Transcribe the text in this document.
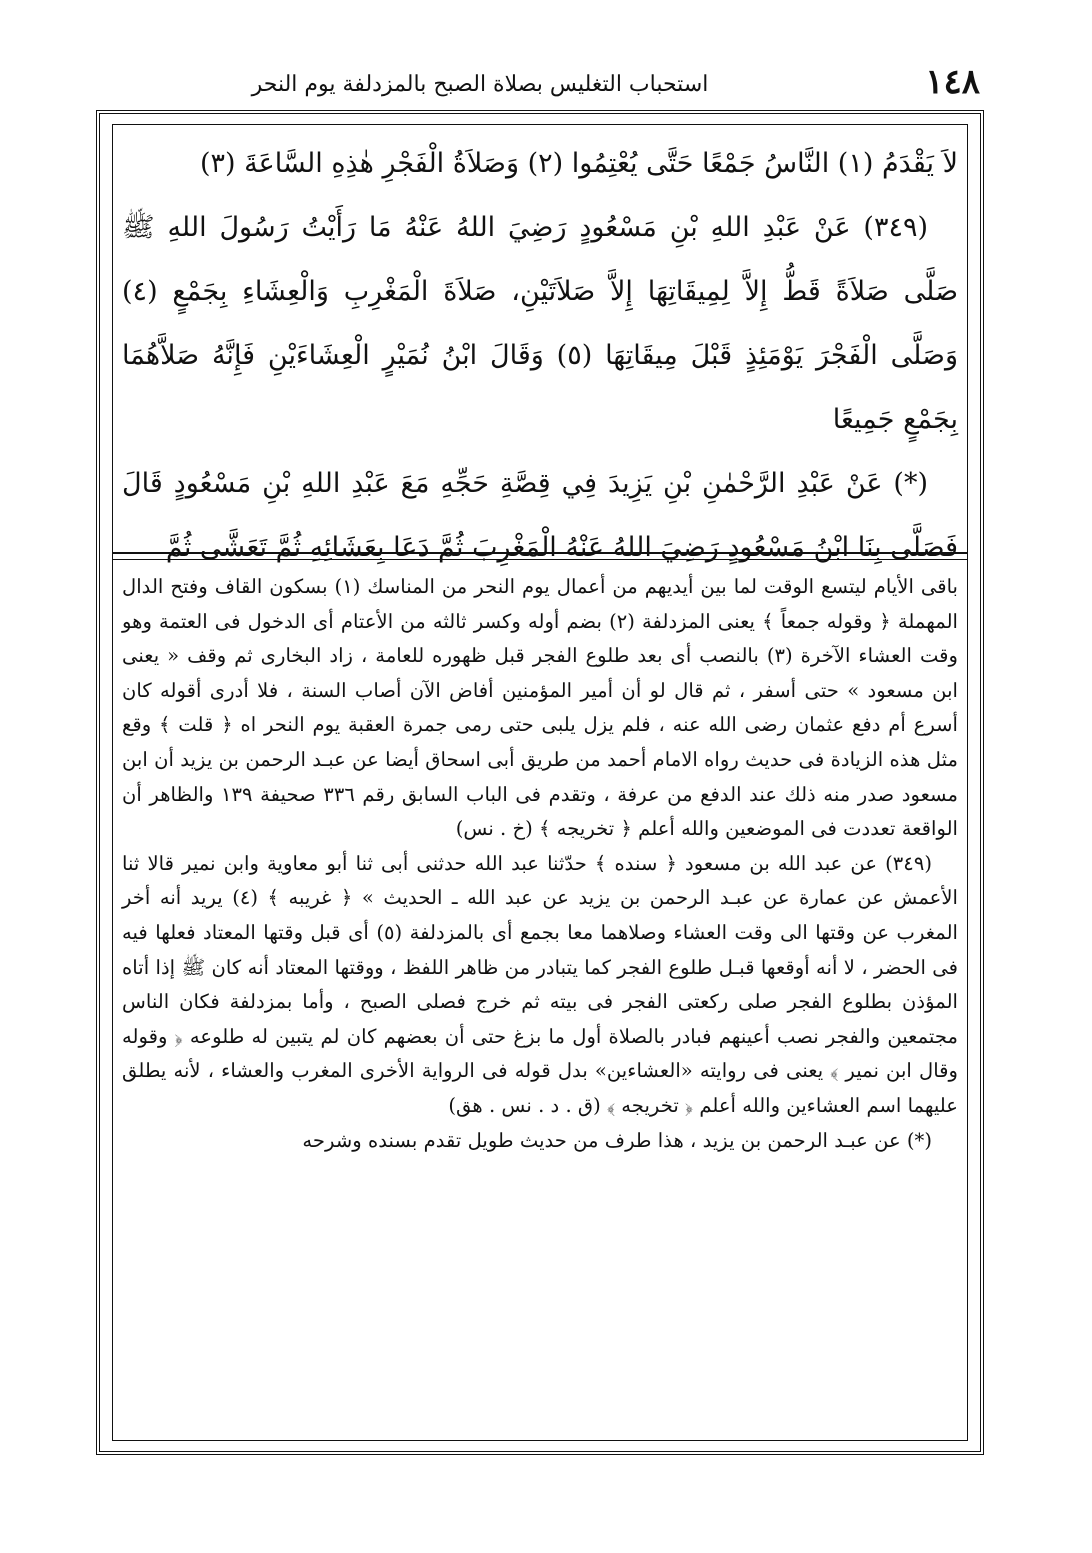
١٤٨
استحباب التغليس بصلاة الصبح بالمزدلفة يوم النحر

لاَ يَقْدَمُ (١) النَّاسُ جَمْعًا حَتَّى يُعْتِمُوا (٢) وَصَلاَةُ الْفَجْرِ هٰذِهِ السَّاعَةَ (٣)

(٣٤٩) عَنْ عَبْدِ اللهِ بْنِ مَسْعُودٍ رَضِيَ اللهُ عَنْهُ مَا رَأَيْتُ رَسُولَ اللهِ ﷺ صَلَّى صَلاَةً قَطُّ إِلاَّ لِمِيقَاتِهَا إِلاَّ صَلاَتَيْنِ، صَلاَةَ الْمَغْرِبِ وَالْعِشَاءِ بِجَمْعٍ (٤) وَصَلَّى الْفَجْرَ يَوْمَئِذٍ قَبْلَ مِيقَاتِهَا (٥) وَقَالَ ابْنُ نُمَيْرٍ الْعِشَاءَيْنِ فَإِنَّهُ صَلاَّهُمَا بِجَمْعٍ جَمِيعًا

(*) عَنْ عَبْدِ الرَّحْمٰنِ بْنِ يَزِيدَ فِي قِصَّةِ حَجِّهِ مَعَ عَبْدِ اللهِ بْنِ مَسْعُودٍ قَالَ فَصَلَّى بِنَا ابْنُ مَسْعُودٍ رَضِيَ اللهُ عَنْهُ الْمَغْرِبَ ثُمَّ دَعَا بِعَشَائِهِ ثُمَّ تَعَشَّى ثُمَّ

باقى الأيام ليتسع الوقت لما بين أيديهم من أعمال يوم النحر من المناسك (١) بسكون القاف وفتح الدال المهملة ﴿ وقوله جمعاً ﴾ يعنى المزدلفة (٢) بضم أوله وكسر ثالثه من الأعتام أى الدخول فى العتمة وهو وقت العشاء الآخرة (٣) بالنصب أى بعد طلوع الفجر قبل ظهوره للعامة ، زاد البخارى ثم وقف « يعنى ابن مسعود » حتى أسفر ، ثم قال لو أن أمير المؤمنين أفاض الآن أصاب السنة ، فلا أدرى أقوله كان أسرع أم دفع عثمان رضى الله عنه ، فلم يزل يلبى حتى رمى جمرة العقبة يوم النحر اه ﴿ قلت ﴾ وقع مثل هذه الزيادة فى حديث رواه الامام أحمد من طريق أبى اسحاق أيضا عن عبـد الرحمن بن يزيد أن ابن مسعود صدر منه ذلك عند الدفع من عرفة ، وتقدم فى الباب السابق رقم ٣٣٦ صحيفة ١٣٩ والظاهر أن الواقعة تعددت فى الموضعين والله أعلم ﴿ تخريجه ﴾ (خ . نس)

(٣٤٩) عن عبد الله بن مسعود ﴿ سنده ﴾ حدّثنا عبد الله حدثنى أبى ثنا أبو معاوية وابن نمير قالا ثنا الأعمش عن عمارة عن عبـد الرحمن بن يزيد عن عبد الله ـ الحديث » ﴿ غريبه ﴾ (٤) يريد أنه أخر المغرب عن وقتها الى وقت العشاء وصلاهما معا بجمع أى بالمزدلفة (٥) أى قبل وقتها المعتاد فعلها فيه فى الحضر ، لا أنه أوقعها قبـل طلوع الفجر كما يتبادر من ظاهر اللفظ ، ووقتها المعتاد أنه كان ﷺ إذا أتاه المؤذن بطلوع الفجر صلى ركعتى الفجر فى بيته ثم خرج فصلى الصبح ، وأما بمزدلفة فكان الناس مجتمعين والفجر نصب أعينهم فبادر بالصلاة أول ما بزغ حتى أن بعضهم كان لم يتبين له طلوعه ﴿ وقوله وقال ابن نمير ﴾ يعنى فى روايته «العشاءين» بدل قوله فى الرواية الأخرى المغرب والعشاء ، لأنه يطلق عليهما اسم العشاءين والله أعلم ﴿ تخريجه ﴾ (ق . د . نس . هق)

(*) عن عبـد الرحمن بن يزيد ، هذا طرف من حديث طويل تقدم بسنده وشرحه
